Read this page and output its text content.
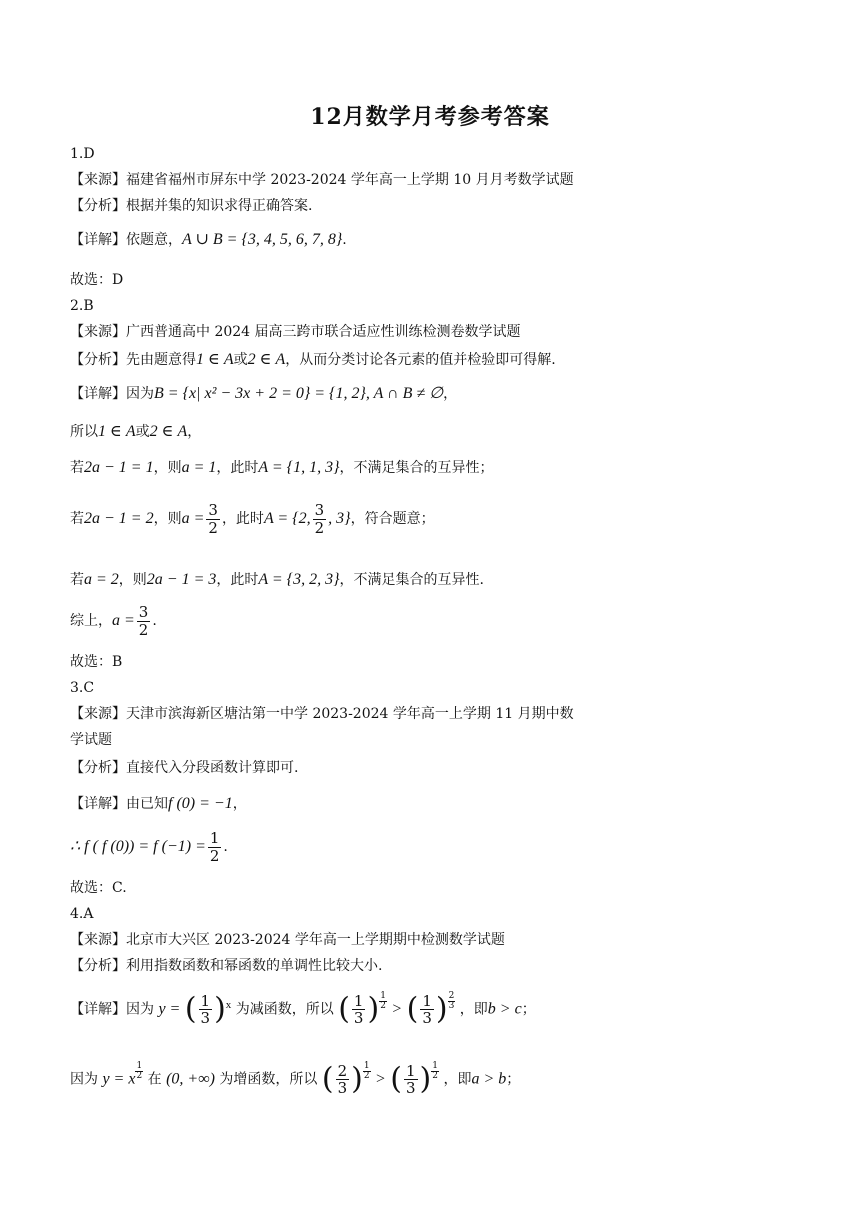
12月数学月考参考答案
1.D
【来源】福建省福州市屏东中学 2023-2024 学年高一上学期 10 月月考数学试题
【分析】根据并集的知识求得正确答案.
【详解】依题意，A ∪ B = {3, 4, 5, 6, 7, 8}.
故选：D
2.B
【来源】广西普通高中 2024 届高三跨市联合适应性训练检测卷数学试题
【分析】先由题意得1 ∈ A或2 ∈ A，从而分类讨论各元素的值并检验即可得解.
【详解】因为B = {x| x² − 3x + 2 = 0} = {1, 2}, A ∩ B ≠ ∅，
所以1 ∈ A或2 ∈ A，
若2a − 1 = 1，则a = 1，此时A = {1, 1, 3}，不满足集合的互异性；
若2a − 1 = 2，则$a = \frac{3}{2}$ ，此时A = {2, $\frac{3}{2}$ , 3}，符合题意；
若a = 2，则2a − 1 = 3，此时A = {3, 2, 3}，不满足集合的互异性.
综上，$a = \frac{3}{2}$ .
故选：B
3.C
【来源】天津市滨海新区塘沽第一中学 2023-2024 学年高一上学期 11 月期中数
学试题
【分析】直接代入分段函数计算即可.
【详解】由已知f (0) = −1，
∴ f ( f (0)) = f $(-1) = \frac{1}{2}$ .
故选：C.
4.A
【来源】北京市大兴区 2023-2024 学年高一上学期期中检测数学试题
【分析】利用指数函数和幂函数的单调性比较大小.
【详解】因为 y = ( $\frac{1}{3} )^x$ 为减函数，所以 ( $\frac{1}{3}$ ) $\frac{1}{2}$ > ( $\frac{1}{3}$ ) $\frac{2}{3}$ ，即b > c；
因为 y = x $\frac{1}{2}$ 在 (0, +∞) 为增函数，所以 ( $\frac{2}{3}$ ) $\frac{1}{2}$ > ( $\frac{1}{3}$ ) $\frac{1}{2}$ ，即a > b；
